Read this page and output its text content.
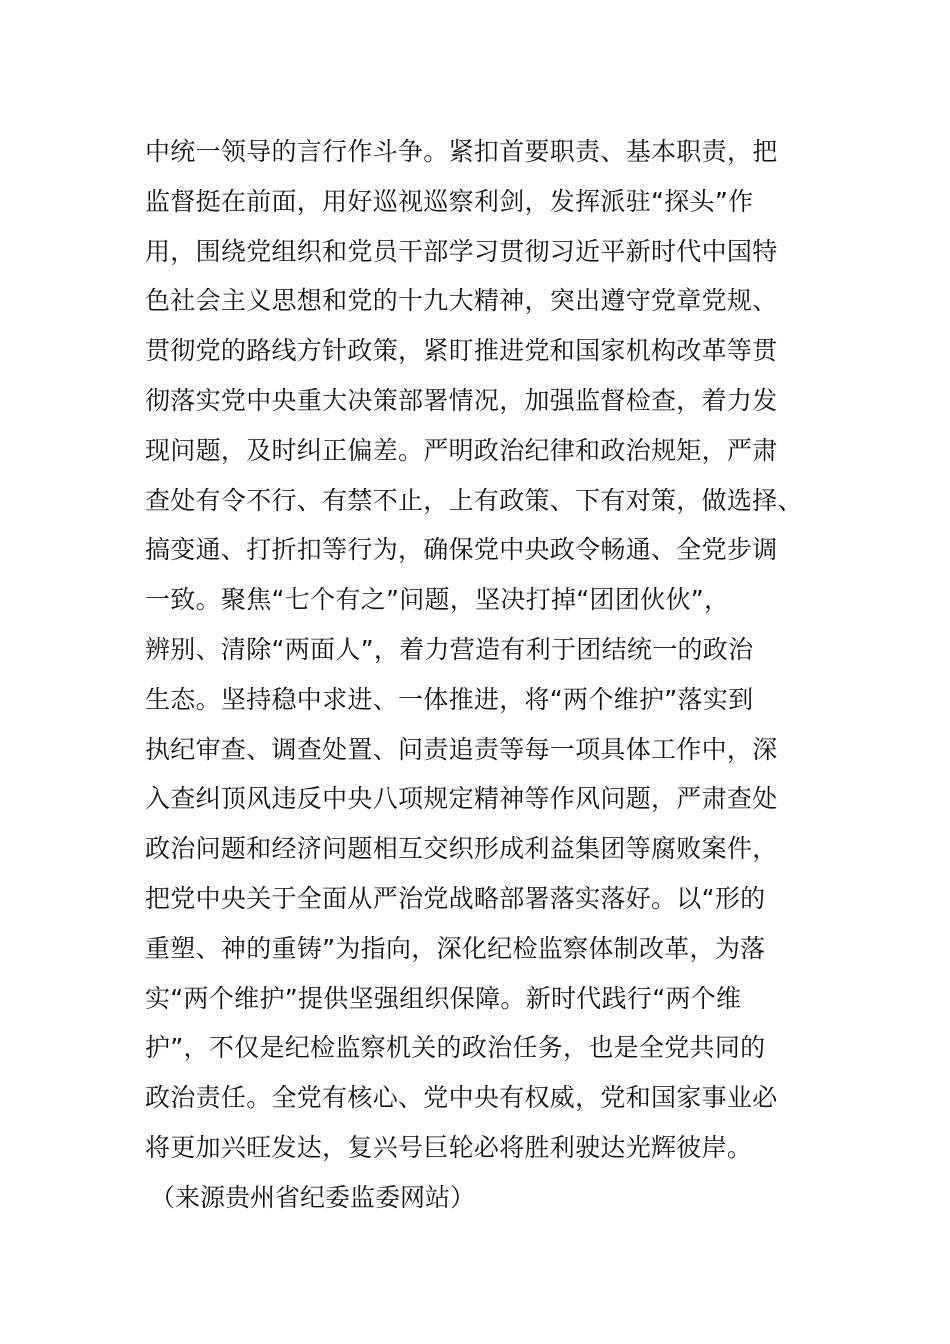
中统一领导的言行作斗争。紧扣首要职责、基本职责，把
监督挺在前面，用好巡视巡察利剑，发挥派驻“探头”作
用，围绕党组织和党员干部学习贯彻习近平新时代中国特
色社会主义思想和党的十九大精神，突出遵守党章党规、
贯彻党的路线方针政策，紧盯推进党和国家机构改革等贯
彻落实党中央重大决策部署情况，加强监督检查，着力发
现问题，及时纠正偏差。严明政治纪律和政治规矩，严肃
查处有令不行、有禁不止，上有政策、下有对策，做选择、
搞变通、打折扣等行为，确保党中央政令畅通、全党步调
一致。聚焦“七个有之”问题，坚决打掉“团团伙伙”，
辨别、清除“两面人”，着力营造有利于团结统一的政治
生态。坚持稳中求进、一体推进，将“两个维护”落实到
执纪审查、调查处置、问责追责等每一项具体工作中，深
入查纠顶风违反中央八项规定精神等作风问题，严肃查处
政治问题和经济问题相互交织形成利益集团等腐败案件，
把党中央关于全面从严治党战略部署落实落好。以“形的
重塑、神的重铸”为指向，深化纪检监察体制改革，为落
实“两个维护”提供坚强组织保障。新时代践行“两个维
护”，不仅是纪检监察机关的政治任务，也是全党共同的
政治责任。全党有核心、党中央有权威，党和国家事业必
将更加兴旺发达，复兴号巨轮必将胜利驶达光辉彼岸。
（来源贵州省纪委监委网站）
